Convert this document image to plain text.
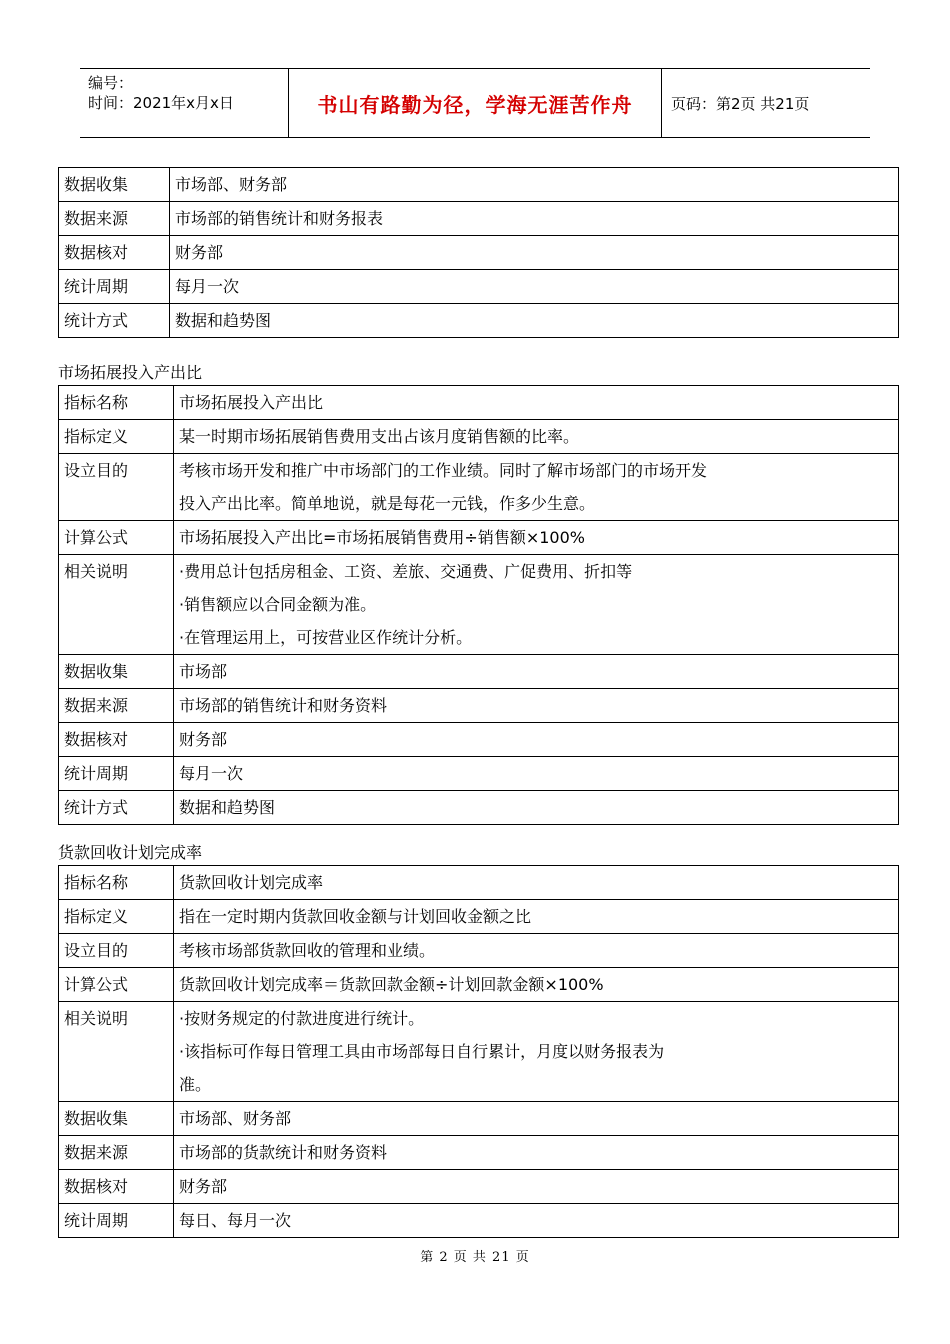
编号：
时间：2021年x月x日	书山有路勤为径，学海无涯苦作舟	页码：第2页 共21页
数据收集	市场部、财务部
数据来源	市场部的销售统计和财务报表
数据核对	财务部
统计周期	每月一次
统计方式	数据和趋势图
市场拓展投入产出比
指标名称	市场拓展投入产出比

指标定义	某一时期市场拓展销售费用支出占该月度销售额的比率。

设立目的	考核市场开发和推广中市场部门的工作业绩。同时了解市场部门的市场开发
投入产出比率。简单地说，就是每花一元钱，作多少生意。

计算公式	市场拓展投入产出比=市场拓展销售费用÷销售额×100%

相关说明	·费用总计包括房租金、工资、差旅、交通费、广促费用、折扣等
·销售额应以合同金额为准。
·在管理运用上，可按营业区作统计分析。

数据收集	市场部

数据来源	市场部的销售统计和财务资料

数据核对	财务部

统计周期	每月一次

统计方式	数据和趋势图
货款回收计划完成率
指标名称	货款回收计划完成率

指标定义	指在一定时期内货款回收金额与计划回收金额之比

设立目的	考核市场部货款回收的管理和业绩。

计算公式	货款回收计划完成率＝货款回款金额÷计划回款金额×100%

相关说明	·按财务规定的付款进度进行统计。
·该指标可作每日管理工具由市场部每日自行累计，月度以财务报表为
准。

数据收集	市场部、财务部

数据来源	市场部的货款统计和财务资料

数据核对	财务部

统计周期	每日、每月一次
第 2 页 共 21 页
